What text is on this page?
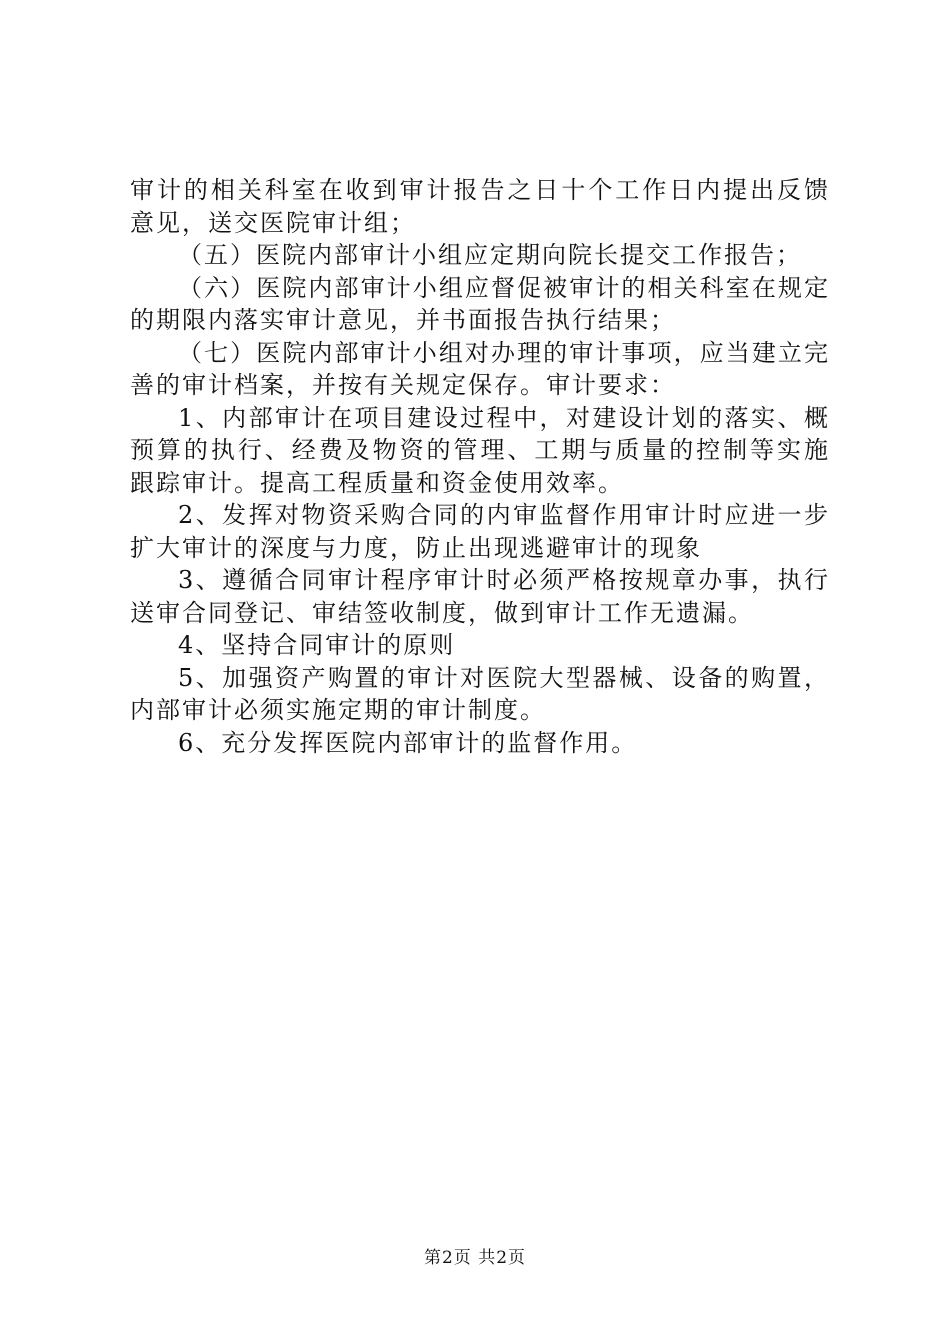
审计的相关科室在收到审计报告之日十个工作日内提出反馈意见，送交医院审计组；

（五）医院内部审计小组应定期向院长提交工作报告；

（六）医院内部审计小组应督促被审计的相关科室在规定的期限内落实审计意见，并书面报告执行结果；

（七）医院内部审计小组对办理的审计事项，应当建立完善的审计档案，并按有关规定保存。审计要求：

1、内部审计在项目建设过程中，对建设计划的落实、概预算的执行、经费及物资的管理、工期与质量的控制等实施跟踪审计。提高工程质量和资金使用效率。

2、发挥对物资采购合同的内审监督作用审计时应进一步扩大审计的深度与力度，防止出现逃避审计的现象

3、遵循合同审计程序审计时必须严格按规章办事，执行送审合同登记、审结签收制度，做到审计工作无遗漏。

4、坚持合同审计的原则

5、加强资产购置的审计对医院大型器械、设备的购置，内部审计必须实施定期的审计制度。

6、充分发挥医院内部审计的监督作用。

第2页 共2页
